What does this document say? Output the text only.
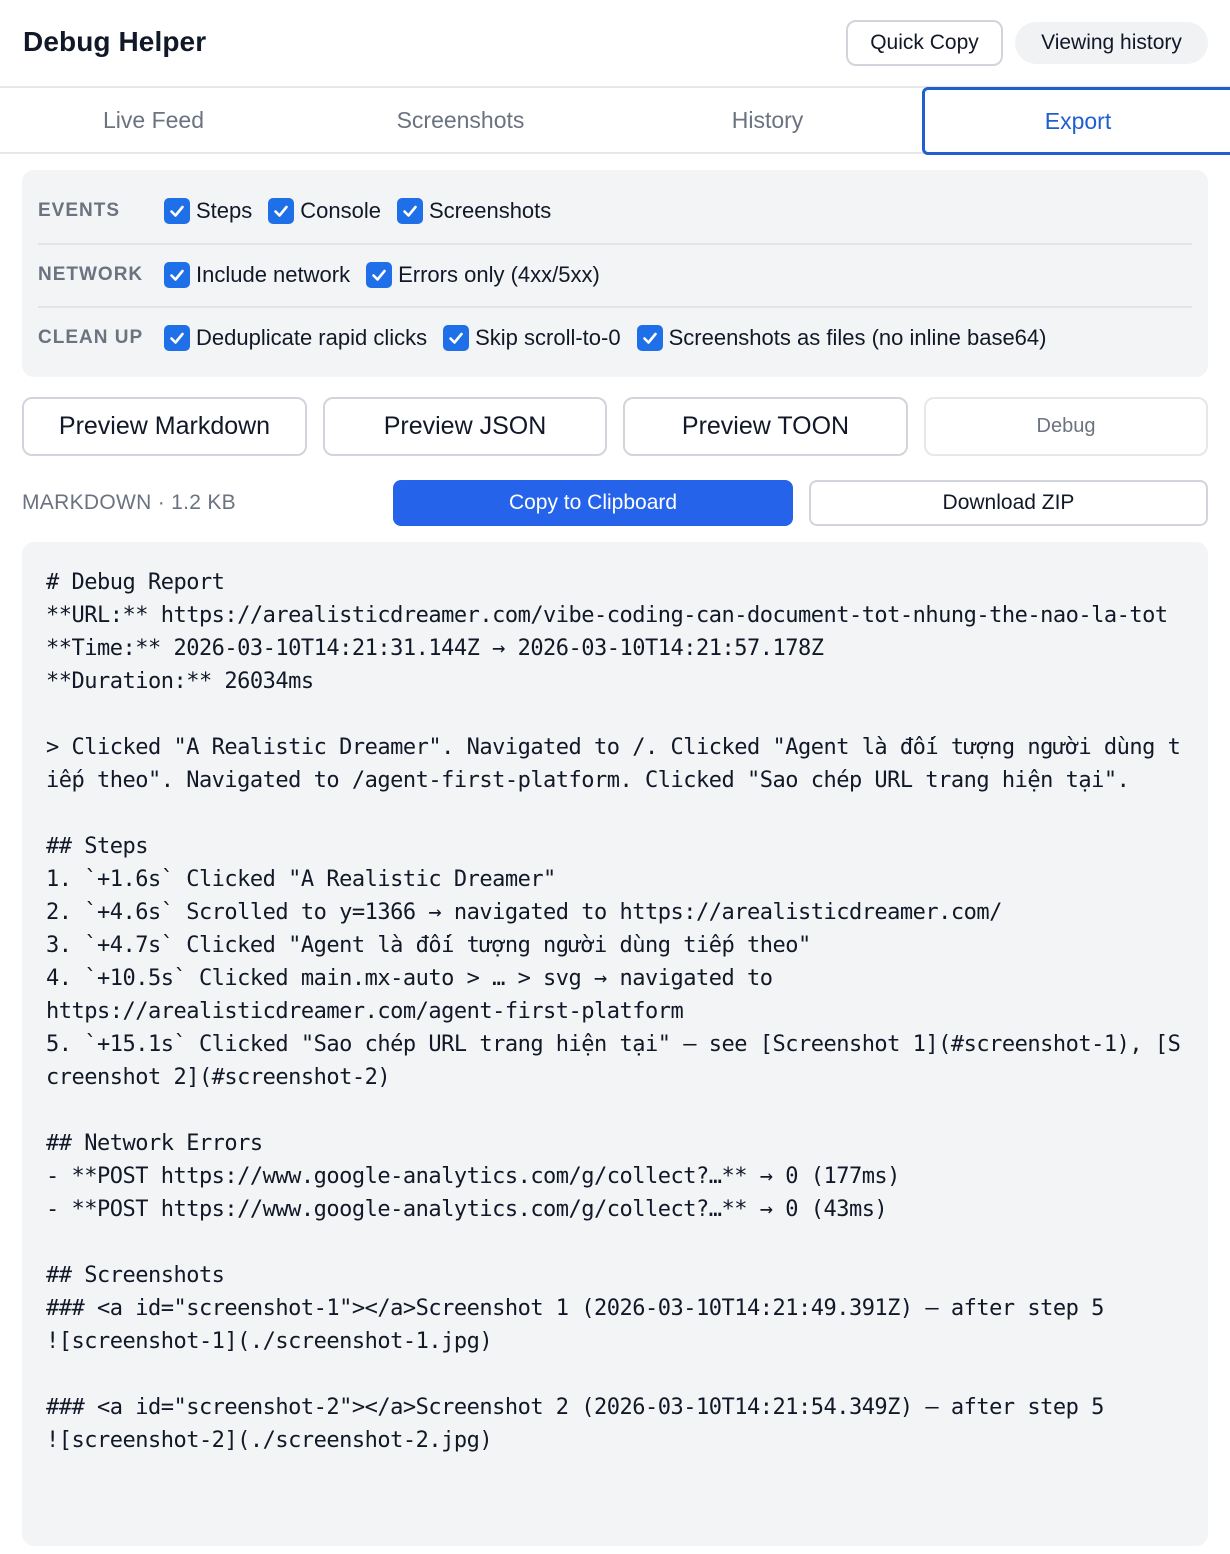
Debug Helper	Quick Copy	Viewing history
Live Feed	Screenshots	History	Export
EVENTS	Steps Console Screenshots
NETWORK	Include network Errors only (4xx/5xx)
CLEAN UP	Deduplicate rapid clicks Skip scroll-to-0 Screenshots as files (no inline base64)
Preview Markdown	Preview JSON	Preview TOON	Debug
MARKDOWN · 1.2 KB	Copy to Clipboard	Download ZIP
# Debug Report
**URL:** https://arealisticdreamer.com/vibe-coding-can-document-tot-nhung-the-nao-la-tot
**Time:** 2026-03-10T14:21:31.144Z → 2026-03-10T14:21:57.178Z
**Duration:** 26034ms

> Clicked "A Realistic Dreamer". Navigated to /. Clicked "Agent là đối tượng người dùng tiếp theo". Navigated to /agent-first-platform. Clicked "Sao chép URL trang hiện tại".

## Steps
1. `+1.6s` Clicked "A Realistic Dreamer"
2. `+4.6s` Scrolled to y=1366 → navigated to https://arealisticdreamer.com/
3. `+4.7s` Clicked "Agent là đối tượng người dùng tiếp theo"
4. `+10.5s` Clicked main.mx-auto > … > svg → navigated to
https://arealisticdreamer.com/agent-first-platform
5. `+15.1s` Clicked "Sao chép URL trang hiện tại" — see [Screenshot 1](#screenshot-1), [Screenshot 2](#screenshot-2)

## Network Errors
- **POST https://www.google-analytics.com/g/collect?…** → 0 (177ms)
- **POST https://www.google-analytics.com/g/collect?…** → 0 (43ms)

## Screenshots
### <a id="screenshot-1"></a>Screenshot 1 (2026-03-10T14:21:49.391Z) — after step 5
![screenshot-1](./screenshot-1.jpg)

### <a id="screenshot-2"></a>Screenshot 2 (2026-03-10T14:21:54.349Z) — after step 5
![screenshot-2](./screenshot-2.jpg)
